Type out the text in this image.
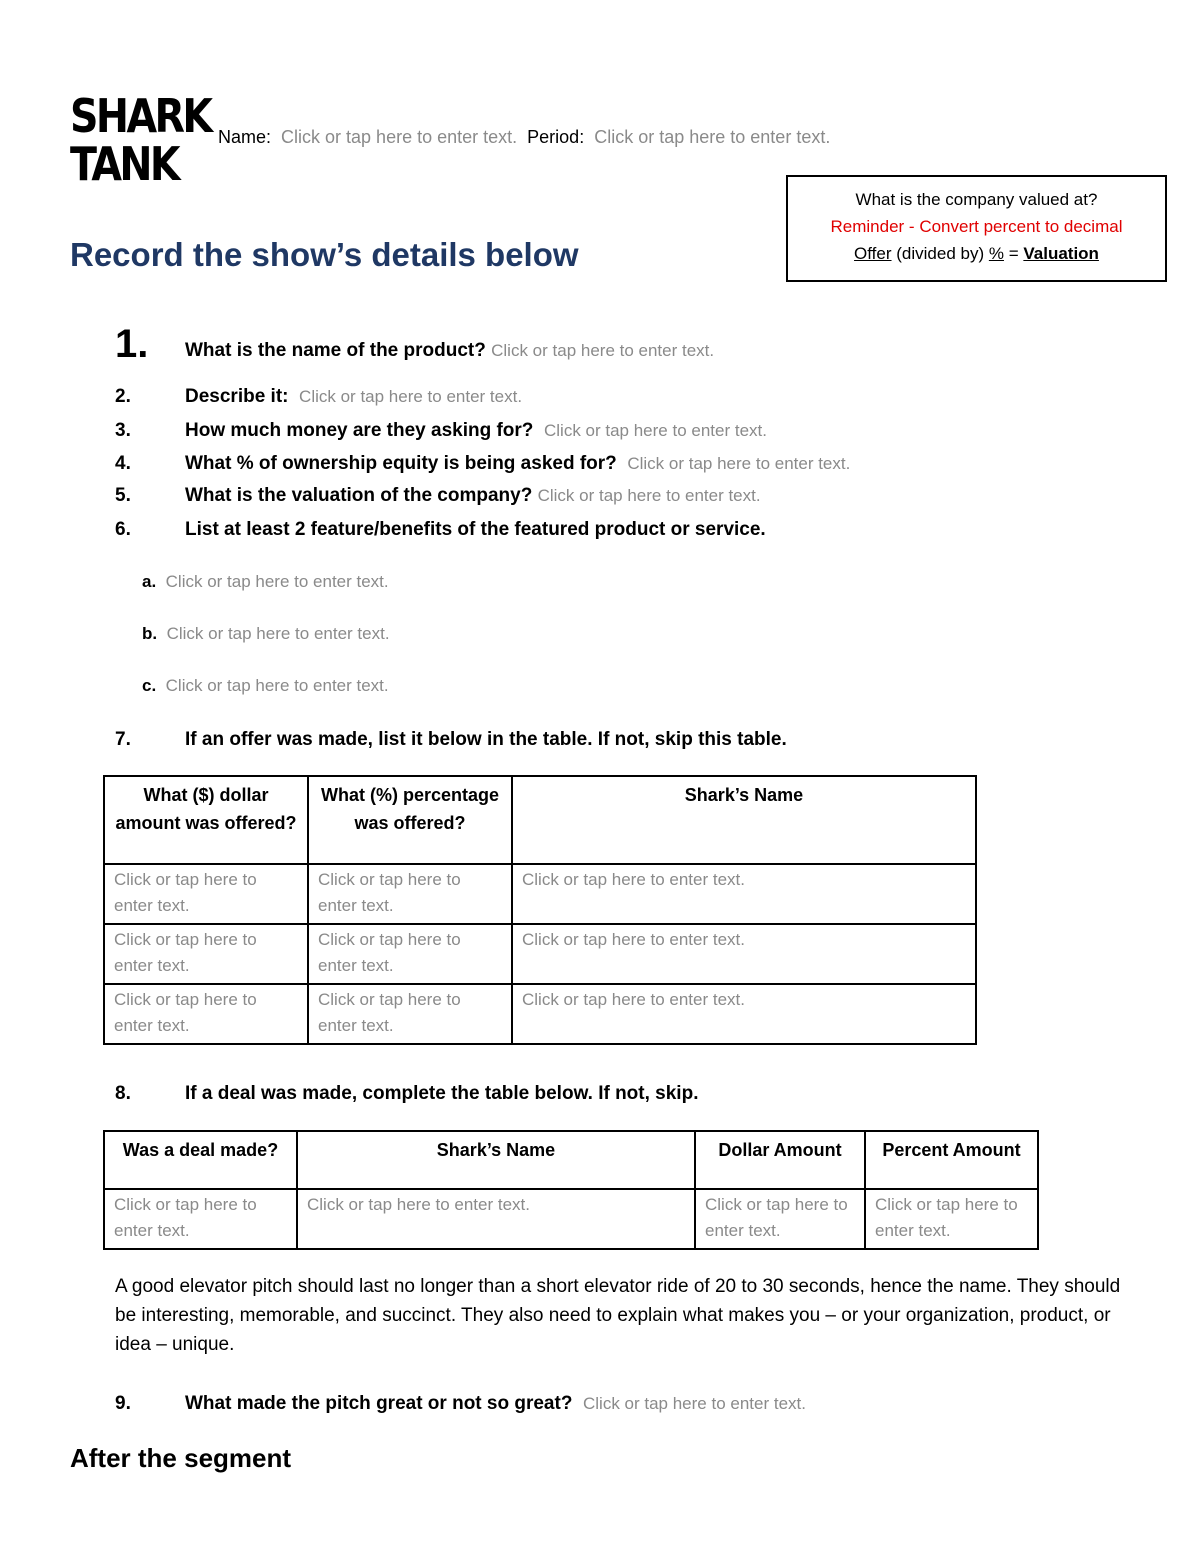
SHARK
TANK Name: Click or tap here to enter text. Period: Click or tap here to enter text.
What is the company valued at?
Reminder - Convert percent to decimal
Offer (divided by) % = Valuation
Record the show’s details below
1. What is the name of the product? Click or tap here to enter text.
2.	Describe it: Click or tap here to enter text.
3.	How much money are they asking for? Click or tap here to enter text.
4.	What % of ownership equity is being asked for? Click or tap here to enter text.
5.	What is the valuation of the company? Click or tap here to enter text.
6.	List at least 2 feature/benefits of the featured product or service.
a. Click or tap here to enter text.
b. Click or tap here to enter text.
c. Click or tap here to enter text.
7.	If an offer was made, list it below in the table. If not, skip this table.
What ($) dollar amount was offered?	What (%) percentage was offered?	Shark’s Name
Click or tap here to enter text.	Click or tap here to enter text.	Click or tap here to enter text.
Click or tap here to enter text.	Click or tap here to enter text.	Click or tap here to enter text.
Click or tap here to enter text.	Click or tap here to enter text.	Click or tap here to enter text.
8.	If a deal was made, complete the table below. If not, skip.
Was a deal made?	Shark’s Name	Dollar Amount	Percent Amount
Click or tap here to enter text.	Click or tap here to enter text.	Click or tap here to enter text.	Click or tap here to enter text.
A good elevator pitch should last no longer than a short elevator ride of 20 to 30 seconds, hence the name. They should be interesting, memorable, and succinct. They also need to explain what makes you – or your organization, product, or idea – unique.
9.	What made the pitch great or not so great? Click or tap here to enter text.
After the segment
